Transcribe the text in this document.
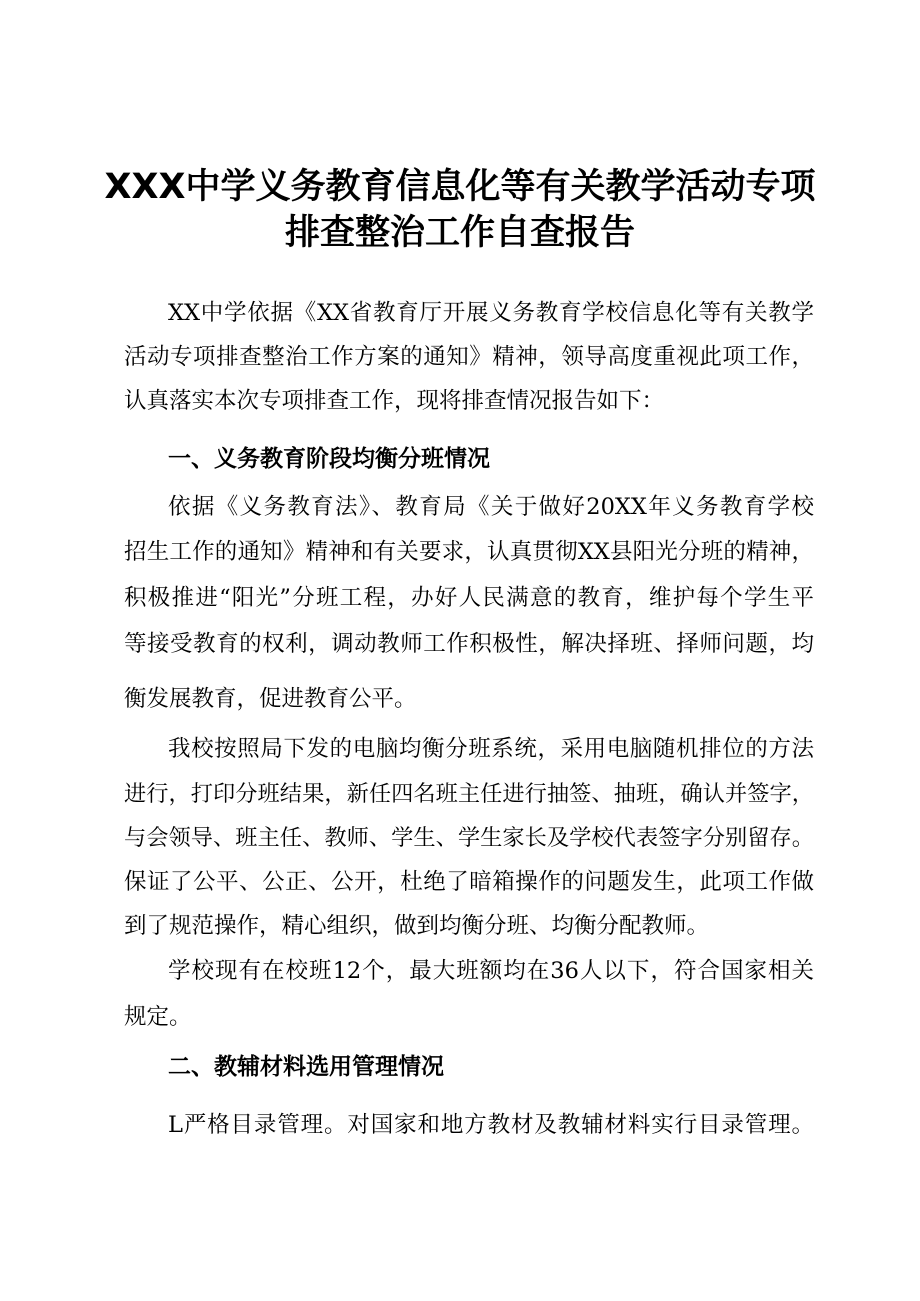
XXX中学义务教育信息化等有关教学活动专项
排查整治工作自查报告

XX中学依据《XX省教育厅开展义务教育学校信息化等有关教学

活动专项排查整治工作方案的通知》精神，领导高度重视此项工作，

认真落实本次专项排查工作，现将排查情况报告如下：

一、义务教育阶段均衡分班情况

依据《义务教育法》、教育局《关于做好20XX年义务教育学校

招生工作的通知》精神和有关要求，认真贯彻XX县阳光分班的精神，

积极推进“阳光”分班工程，办好人民满意的教育，维护每个学生平

等接受教育的权利，调动教师工作积极性，解决择班、择师问题，均

衡发展教育，促进教育公平。

我校按照局下发的电脑均衡分班系统，采用电脑随机排位的方法

进行，打印分班结果，新任四名班主任进行抽签、抽班，确认并签字，

与会领导、班主任、教师、学生、学生家长及学校代表签字分别留存。

保证了公平、公正、公开，杜绝了暗箱操作的问题发生，此项工作做

到了规范操作，精心组织，做到均衡分班、均衡分配教师。

学校现有在校班12个，最大班额均在36人以下，符合国家相关

规定。

二、教辅材料选用管理情况

L严格目录管理。对国家和地方教材及教辅材料实行目录管理。
